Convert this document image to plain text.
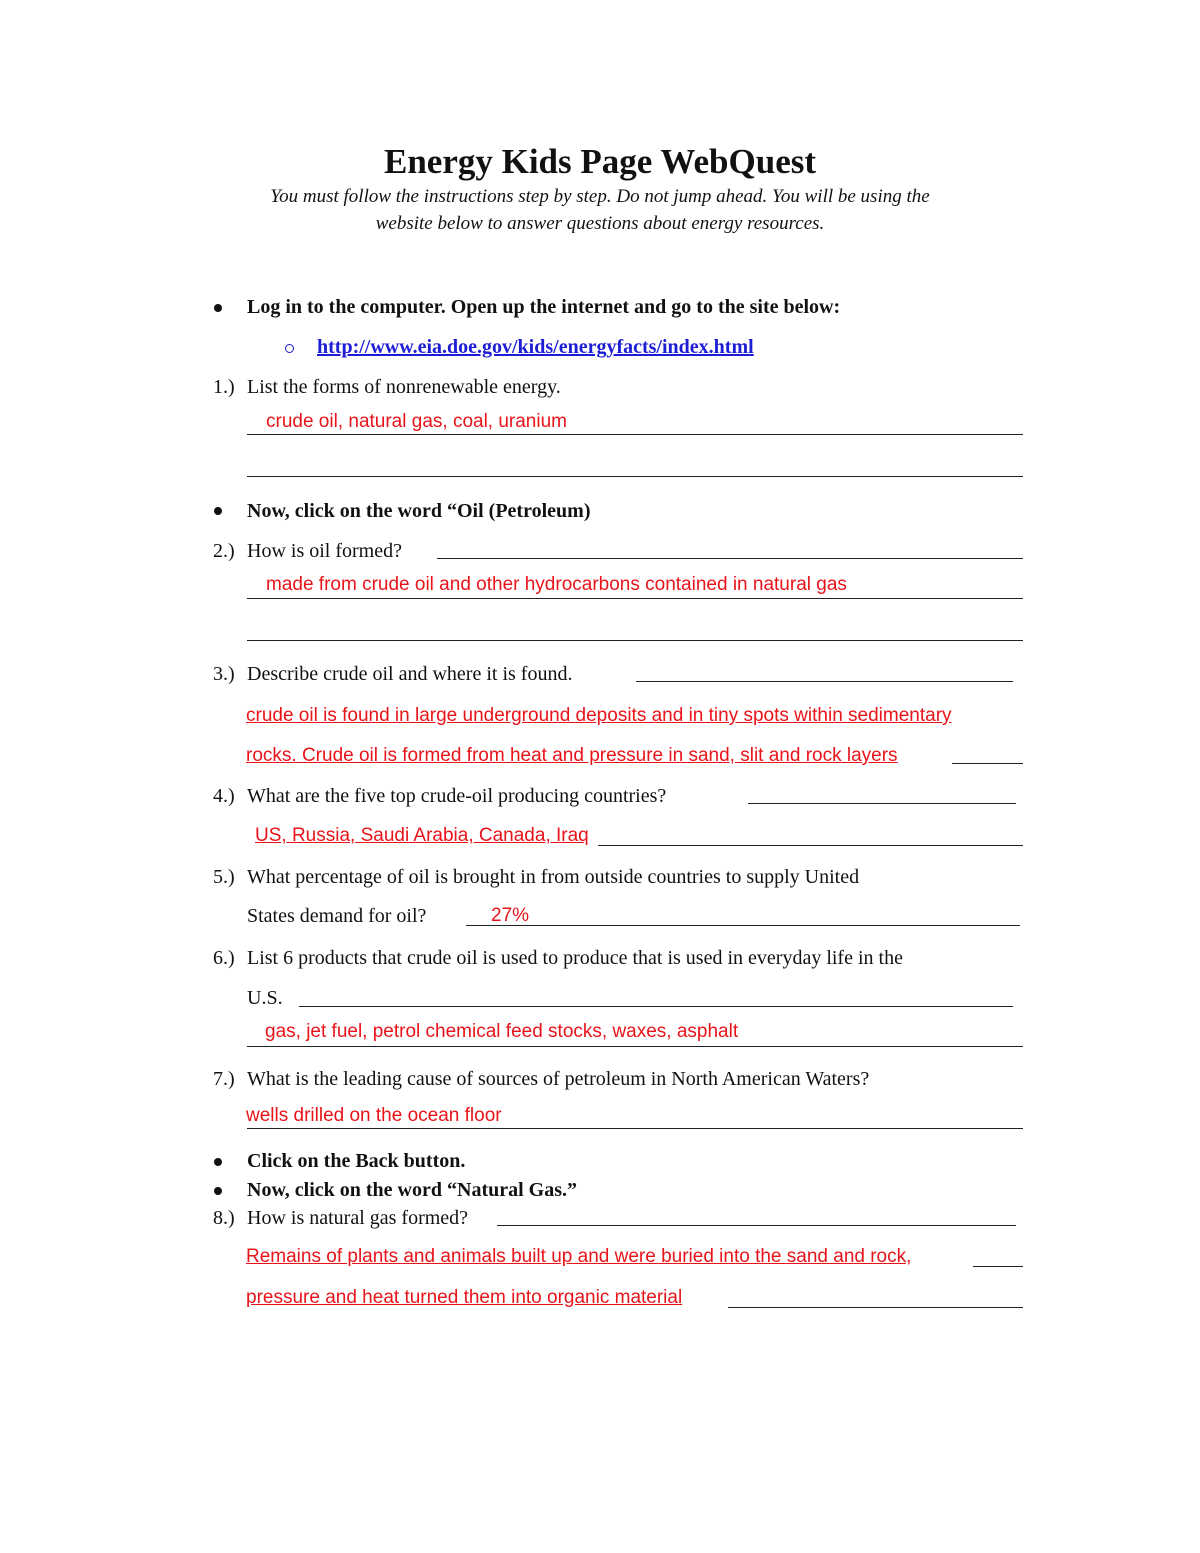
Energy Kids Page WebQuest
You must follow the instructions step by step. Do not jump ahead. You will be using the
website below to answer questions about energy resources.
Log in to the computer. Open up the internet and go to the site below:
http://www.eia.doe.gov/kids/energyfacts/index.html
1.) List the forms of nonrenewable energy.
crude oil, natural gas, coal, uranium
Now, click on the word “Oil (Petroleum)
2.) How is oil formed?
made from crude oil and other hydrocarbons contained in natural gas
3.) Describe crude oil and where it is found.
crude oil is found in large underground deposits and in tiny spots within sedimentary
rocks. Crude oil is formed from heat and pressure in sand, slit and rock layers
4.) What are the five top crude-oil producing countries?
US, Russia, Saudi Arabia, Canada, Iraq
5.) What percentage of oil is brought in from outside countries to supply United
States demand for oil?	27%
6.) List 6 products that crude oil is used to produce that is used in everyday life in the
U.S.
gas, jet fuel, petrol chemical feed stocks, waxes, asphalt
7.) What is the leading cause of sources of petroleum in North American Waters?
wells drilled on the ocean floor
Click on the Back button.
Now, click on the word “Natural Gas.”
8.) How is natural gas formed?
Remains of plants and animals built up and were buried into the sand and rock,
pressure and heat turned them into organic material
